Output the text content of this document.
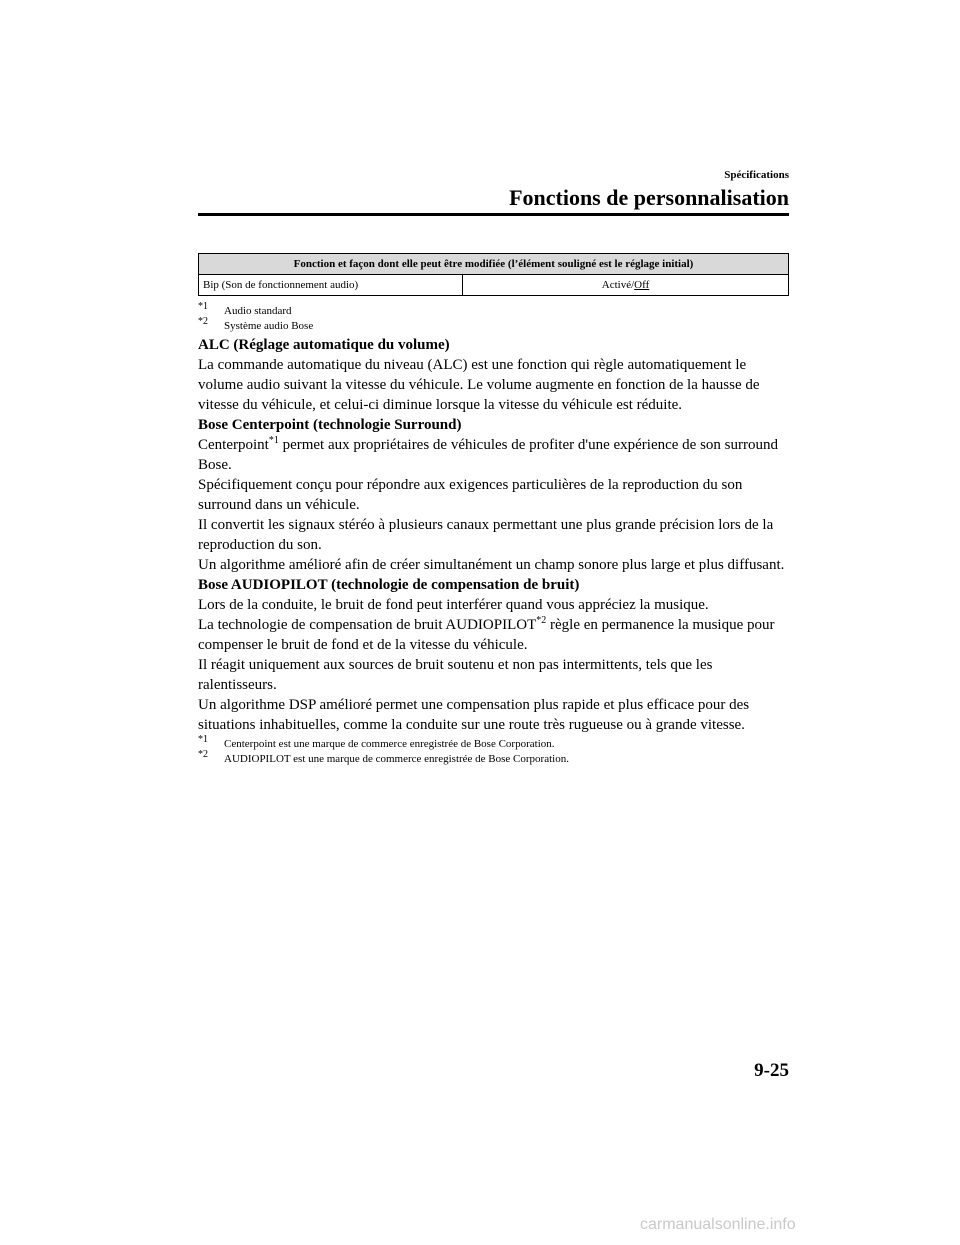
Spécifications
Fonctions de personnalisation
Fonction et façon dont elle peut être modifiée (l’élément souligné est le réglage initial)
Bip (Son de fonctionnement audio)	Activé/Off
$^{*1}$ Audio standard
$^{*2}$ Système audio Bose
ALC (Réglage automatique du volume)
La commande automatique du niveau (ALC) est une fonction qui règle automatiquement le volume audio suivant la vitesse du véhicule. Le volume augmente en fonction de la hausse de vitesse du véhicule, et celui-ci diminue lorsque la vitesse du véhicule est réduite.
Bose Centerpoint (technologie Surround)
Centerpoint$^{*1}$ permet aux propriétaires de véhicules de profiter d'une expérience de son surround Bose.
Spécifiquement conçu pour répondre aux exigences particulières de la reproduction du son surround dans un véhicule.
Il convertit les signaux stéréo à plusieurs canaux permettant une plus grande précision lors de la reproduction du son.
Un algorithme amélioré afin de créer simultanément un champ sonore plus large et plus diffusant.
Bose AUDIOPILOT (technologie de compensation de bruit)
Lors de la conduite, le bruit de fond peut interférer quand vous appréciez la musique.
La technologie de compensation de bruit AUDIOPILOT$^{*2}$ règle en permanence la musique pour compenser le bruit de fond et de la vitesse du véhicule.
Il réagit uniquement aux sources de bruit soutenu et non pas intermittents, tels que les ralentisseurs.
Un algorithme DSP amélioré permet une compensation plus rapide et plus efficace pour des situations inhabituelles, comme la conduite sur une route très rugueuse ou à grande vitesse.
$^{*1}$ Centerpoint est une marque de commerce enregistrée de Bose Corporation.
$^{*2}$ AUDIOPILOT est une marque de commerce enregistrée de Bose Corporation.
9-25
carmanualsonline.info
